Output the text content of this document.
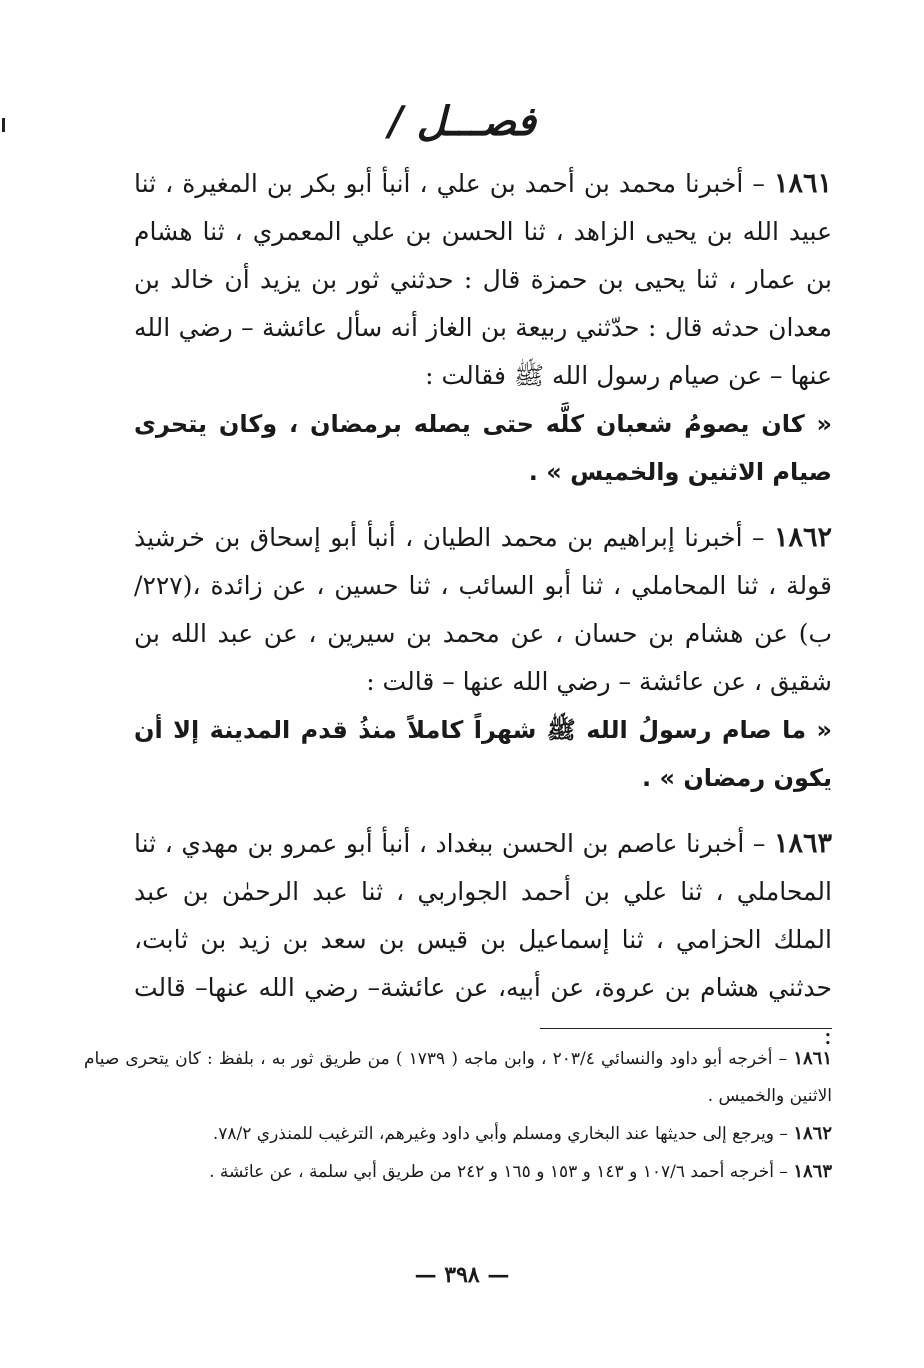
فصـــل /

١٨٦١ – أخبرنا محمد بن أحمد بن علي ، أنبأ أبو بكر بن المغيرة ، ثنا عبيد الله بن يحيى الزاهد ، ثنا الحسن بن علي المعمري ، ثنا هشام بن عمار ، ثنا يحيى بن حمزة قال : حدثني ثور بن يزيد أن خالد بن معدان حدثه قال : حدّثني ربيعة بن الغاز أنه سأل عائشة – رضي الله عنها – عن صيام رسول الله ﷺ فقالت :
« كان يصومُ شعبان كلَّه حتى يصله برمضان ، وكان يتحرى صيام الاثنين والخميس » .

١٨٦٢ – أخبرنا إبراهيم بن محمد الطيان ، أنبأ أبو إسحاق بن خرشيذ قولة ، ثنا المحاملي ، ثنا أبو السائب ، ثنا حسين ، عن زائدة ،(٢٢٧/ب) عن هشام بن حسان ، عن محمد بن سيرين ، عن عبد الله بن شقيق ، عن عائشة – رضي الله عنها – قالت :
« ما صام رسولُ الله ﷺ شهراً كاملاً منذُ قدم المدينة إلا أن يكون رمضان » .

١٨٦٣ – أخبرنا عاصم بن الحسن ببغداد ، أنبأ أبو عمرو بن مهدي ، ثنا المحاملي ، ثنا علي بن أحمد الجواربي ، ثنا عبد الرحمٰن بن عبد الملك الحزامي ، ثنا إسماعيل بن قيس بن سعد بن زيد بن ثابت، حدثني هشام بن عروة، عن أبيه، عن عائشة– رضي الله عنها– قالت :

١٨٦١ – أخرجه أبو داود والنسائي ٢٠٣/٤ ، وابن ماجه ( ١٧٣٩ ) من طريق ثور به ، بلفظ : كان يتحرى صيام الاثنين والخميس .

١٨٦٢ – ويرجع إلى حديثها عند البخاري ومسلم وأبي داود وغيرهم، الترغيب للمنذري ٧٨/٢.

١٨٦٣ – أخرجه أحمد ١٠٧/٦ و ١٤٣ و ١٥٣ و ١٦٥ و ٢٤٢ من طريق أبي سلمة ، عن عائشة .

— ٣٩٨ —
